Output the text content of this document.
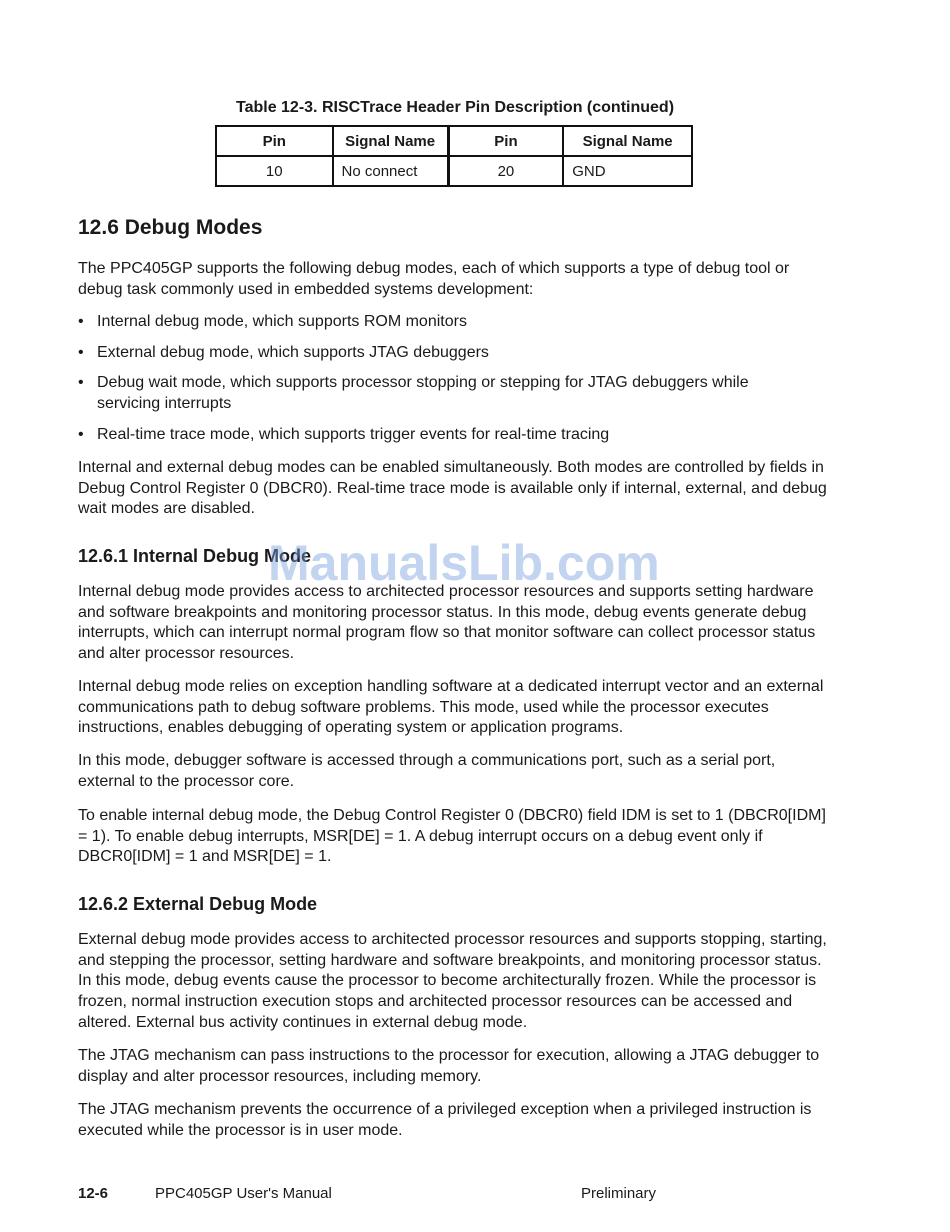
Table 12-3. RISCTrace Header Pin Description (continued)
Pin	Signal Name	Pin	Signal Name
10	No connect	20	GND
12.6 Debug Modes
The PPC405GP supports the following debug modes, each of which supports a type of debug tool or debug task commonly used in embedded systems development:
• Internal debug mode, which supports ROM monitors
• External debug mode, which supports JTAG debuggers
• Debug wait mode, which supports processor stopping or stepping for JTAG debuggers while servicing interrupts
• Real-time trace mode, which supports trigger events for real-time tracing
Internal and external debug modes can be enabled simultaneously. Both modes are controlled by fields in Debug Control Register 0 (DBCR0). Real-time trace mode is available only if internal, external, and debug wait modes are disabled.
12.6.1 Internal Debug Mode
ManualsLib.com
Internal debug mode provides access to architected processor resources and supports setting hardware and software breakpoints and monitoring processor status. In this mode, debug events generate debug interrupts, which can interrupt normal program flow so that monitor software can collect processor status and alter processor resources.
Internal debug mode relies on exception handling software at a dedicated interrupt vector and an external communications path to debug software problems. This mode, used while the processor executes instructions, enables debugging of operating system or application programs.
In this mode, debugger software is accessed through a communications port, such as a serial port, external to the processor core.
To enable internal debug mode, the Debug Control Register 0 (DBCR0) field IDM is set to 1 (DBCR0[IDM] = 1). To enable debug interrupts, MSR[DE] = 1. A debug interrupt occurs on a debug event only if DBCR0[IDM] = 1 and MSR[DE] = 1.
12.6.2 External Debug Mode
External debug mode provides access to architected processor resources and supports stopping, starting, and stepping the processor, setting hardware and software breakpoints, and monitoring processor status. In this mode, debug events cause the processor to become architecturally frozen. While the processor is frozen, normal instruction execution stops and architected processor resources can be accessed and altered. External bus activity continues in external debug mode.
The JTAG mechanism can pass instructions to the processor for execution, allowing a JTAG debugger to display and alter processor resources, including memory.
The JTAG mechanism prevents the occurrence of a privileged exception when a privileged instruction is executed while the processor is in user mode.
12-6	PPC405GP User's Manual	Preliminary
